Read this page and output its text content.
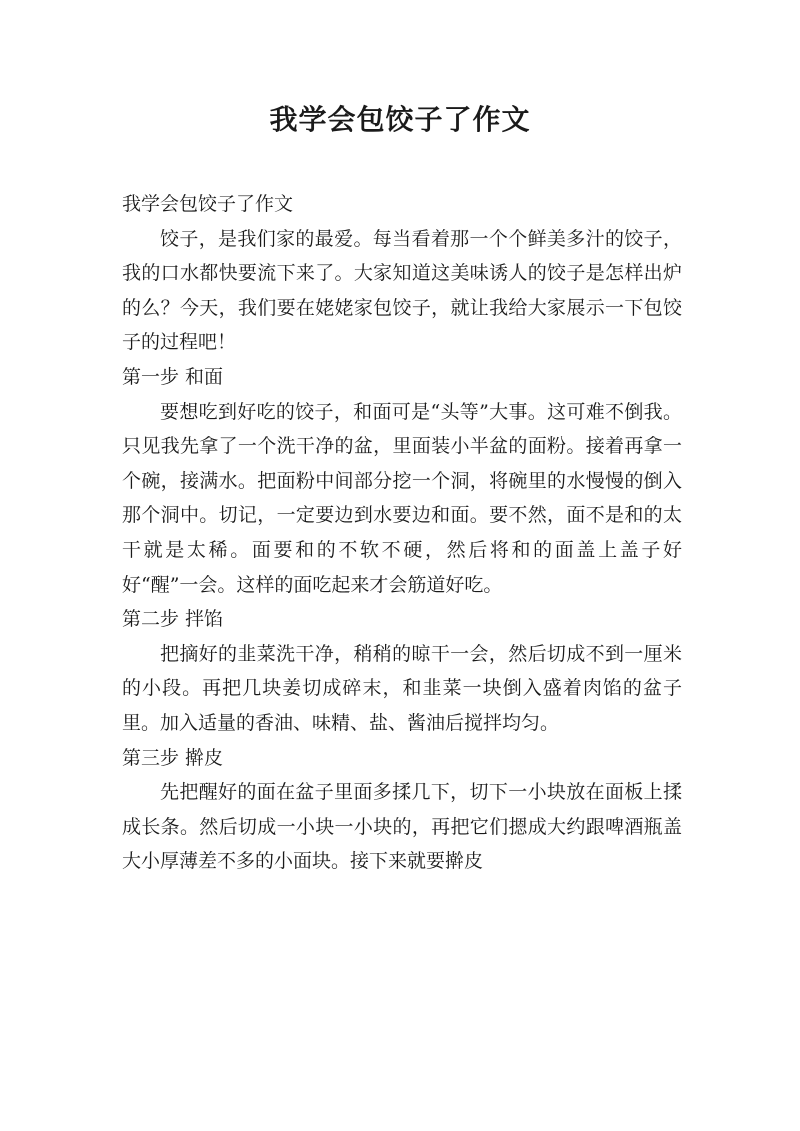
我学会包饺子了作文

我学会包饺子了作文

饺子，是我们家的最爱。每当看着那一个个鲜美多汁的饺子，我的口水都快要流下来了。大家知道这美味诱人的饺子是怎样出炉的么？今天，我们要在姥姥家包饺子，就让我给大家展示一下包饺子的过程吧！

第一步 和面

要想吃到好吃的饺子，和面可是“头等”大事。这可难不倒我。只见我先拿了一个洗干净的盆，里面装小半盆的面粉。接着再拿一个碗，接满水。把面粉中间部分挖一个洞，将碗里的水慢慢的倒入那个洞中。切记，一定要边到水要边和面。要不然，面不是和的太干就是太稀。面要和的不软不硬，然后将和的面盖上盖子好好“醒”一会。这样的面吃起来才会筋道好吃。

第二步 拌馅

把摘好的韭菜洗干净，稍稍的晾干一会，然后切成不到一厘米的小段。再把几块姜切成碎末，和韭菜一块倒入盛着肉馅的盆子里。加入适量的香油、味精、盐、酱油后搅拌均匀。

第三步 擀皮

先把醒好的面在盆子里面多揉几下，切下一小块放在面板上揉成长条。然后切成一小块一小块的，再把它们摁成大约跟啤酒瓶盖大小厚薄差不多的小面块。接下来就要擀皮
